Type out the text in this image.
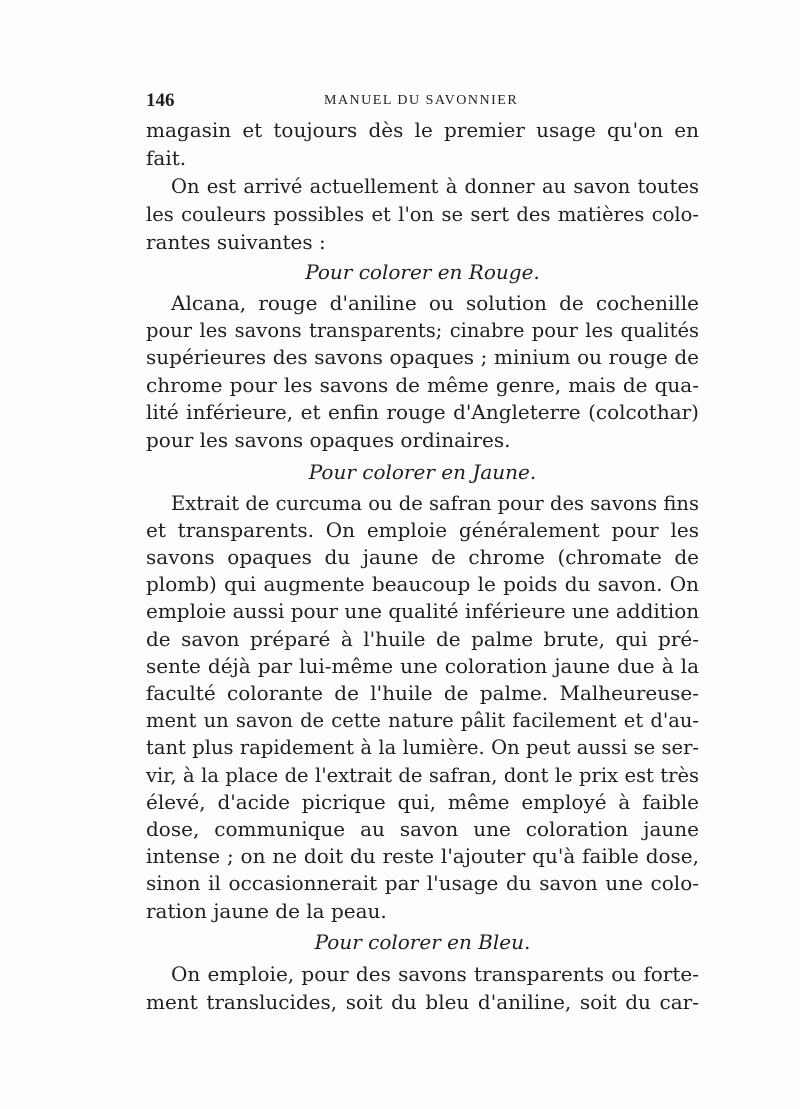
146	MANUEL DU SAVONNIER
magasin et toujours dès le premier usage qu'on en
fait.
On est arrivé actuellement à donner au savon toutes
les couleurs possibles et l'on se sert des matières colo-
rantes suivantes :
Pour colorer en Rouge.
Alcana, rouge d'aniline ou solution de cochenille
pour les savons transparents; cinabre pour les qualités
supérieures des savons opaques ; minium ou rouge de
chrome pour les savons de même genre, mais de qua-
lité inférieure, et enfin rouge d'Angleterre (colcothar)
pour les savons opaques ordinaires.
Pour colorer en Jaune.
Extrait de curcuma ou de safran pour des savons fins
et transparents. On emploie généralement pour les
savons opaques du jaune de chrome (chromate de
plomb) qui augmente beaucoup le poids du savon. On
emploie aussi pour une qualité inférieure une addition
de savon préparé à l'huile de palme brute, qui pré-
sente déjà par lui-même une coloration jaune due à la
faculté colorante de l'huile de palme. Malheureuse-
ment un savon de cette nature pâlit facilement et d'au-
tant plus rapidement à la lumière. On peut aussi se ser-
vir, à la place de l'extrait de safran, dont le prix est très
élevé, d'acide picrique qui, même employé à faible
dose, communique au savon une coloration jaune
intense ; on ne doit du reste l'ajouter qu'à faible dose,
sinon il occasionnerait par l'usage du savon une colo-
ration jaune de la peau.
Pour colorer en Bleu.
On emploie, pour des savons transparents ou forte-
ment translucides, soit du bleu d'aniline, soit du car-
